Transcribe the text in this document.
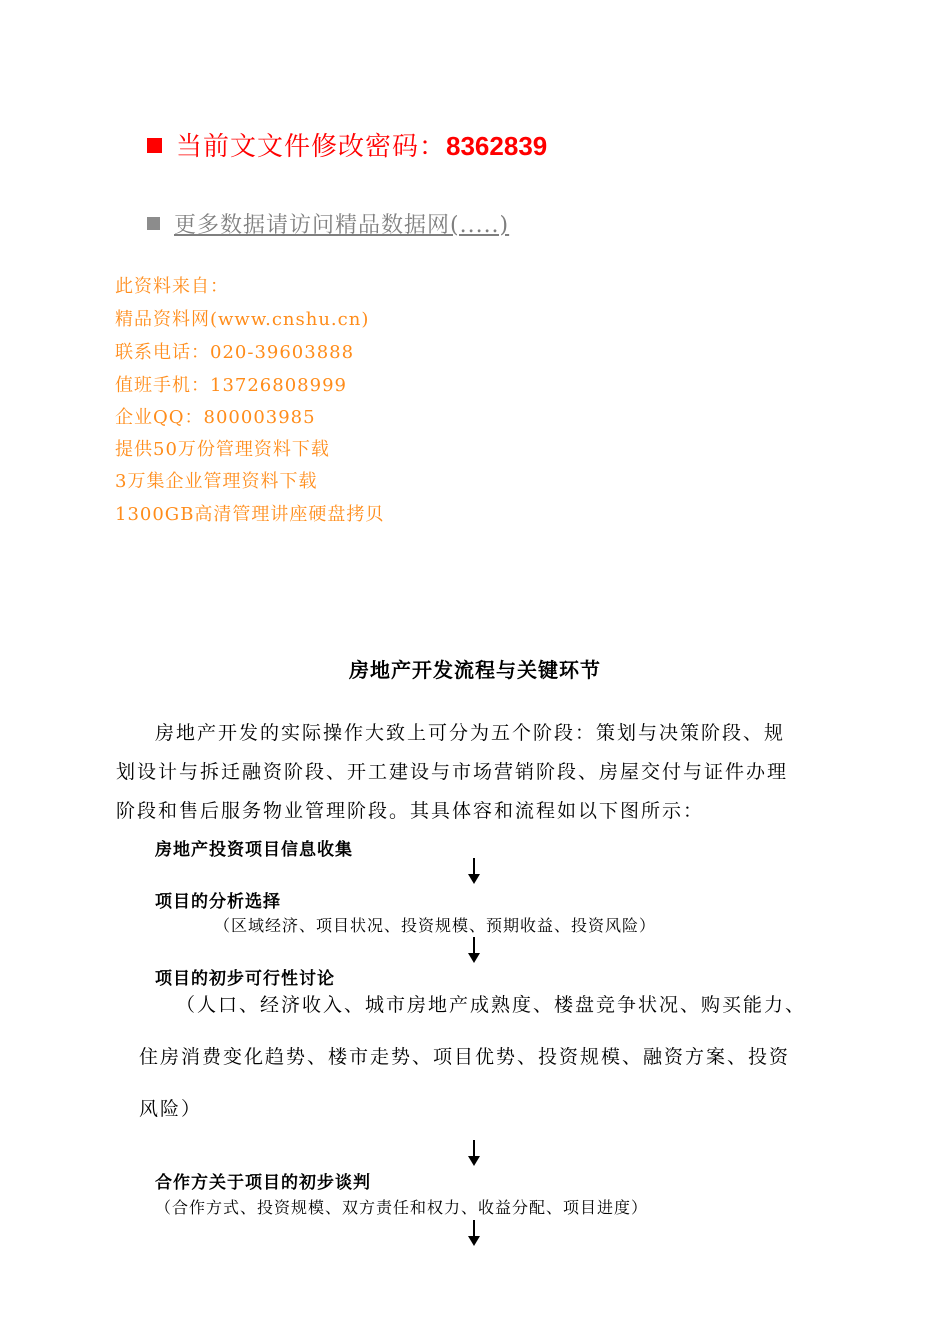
当前文文件修改密码：8362839
更多数据请访问精品数据网(.....)
此资料来自：
精品资料网(www.cnshu.cn)
联系电话：020-39603888
值班手机：13726808999
企业QQ：800003985
提供50万份管理资料下载
3万集企业管理资料下载
1300GB高清管理讲座硬盘拷贝
房地产开发流程与关键环节
房地产开发的实际操作大致上可分为五个阶段：策划与决策阶段、规
划设计与拆迁融资阶段、开工建设与市场营销阶段、房屋交付与证件办理
阶段和售后服务物业管理阶段。其具体容和流程如以下图所示：
房地产投资项目信息收集
项目的分析选择
（区域经济、项目状况、投资规模、预期收益、投资风险）
项目的初步可行性讨论
（人口、经济收入、城市房地产成熟度、楼盘竞争状况、购买能力、
住房消费变化趋势、楼市走势、项目优势、投资规模、融资方案、投资
风险）
合作方关于项目的初步谈判
（合作方式、投资规模、双方责任和权力、收益分配、项目进度）
